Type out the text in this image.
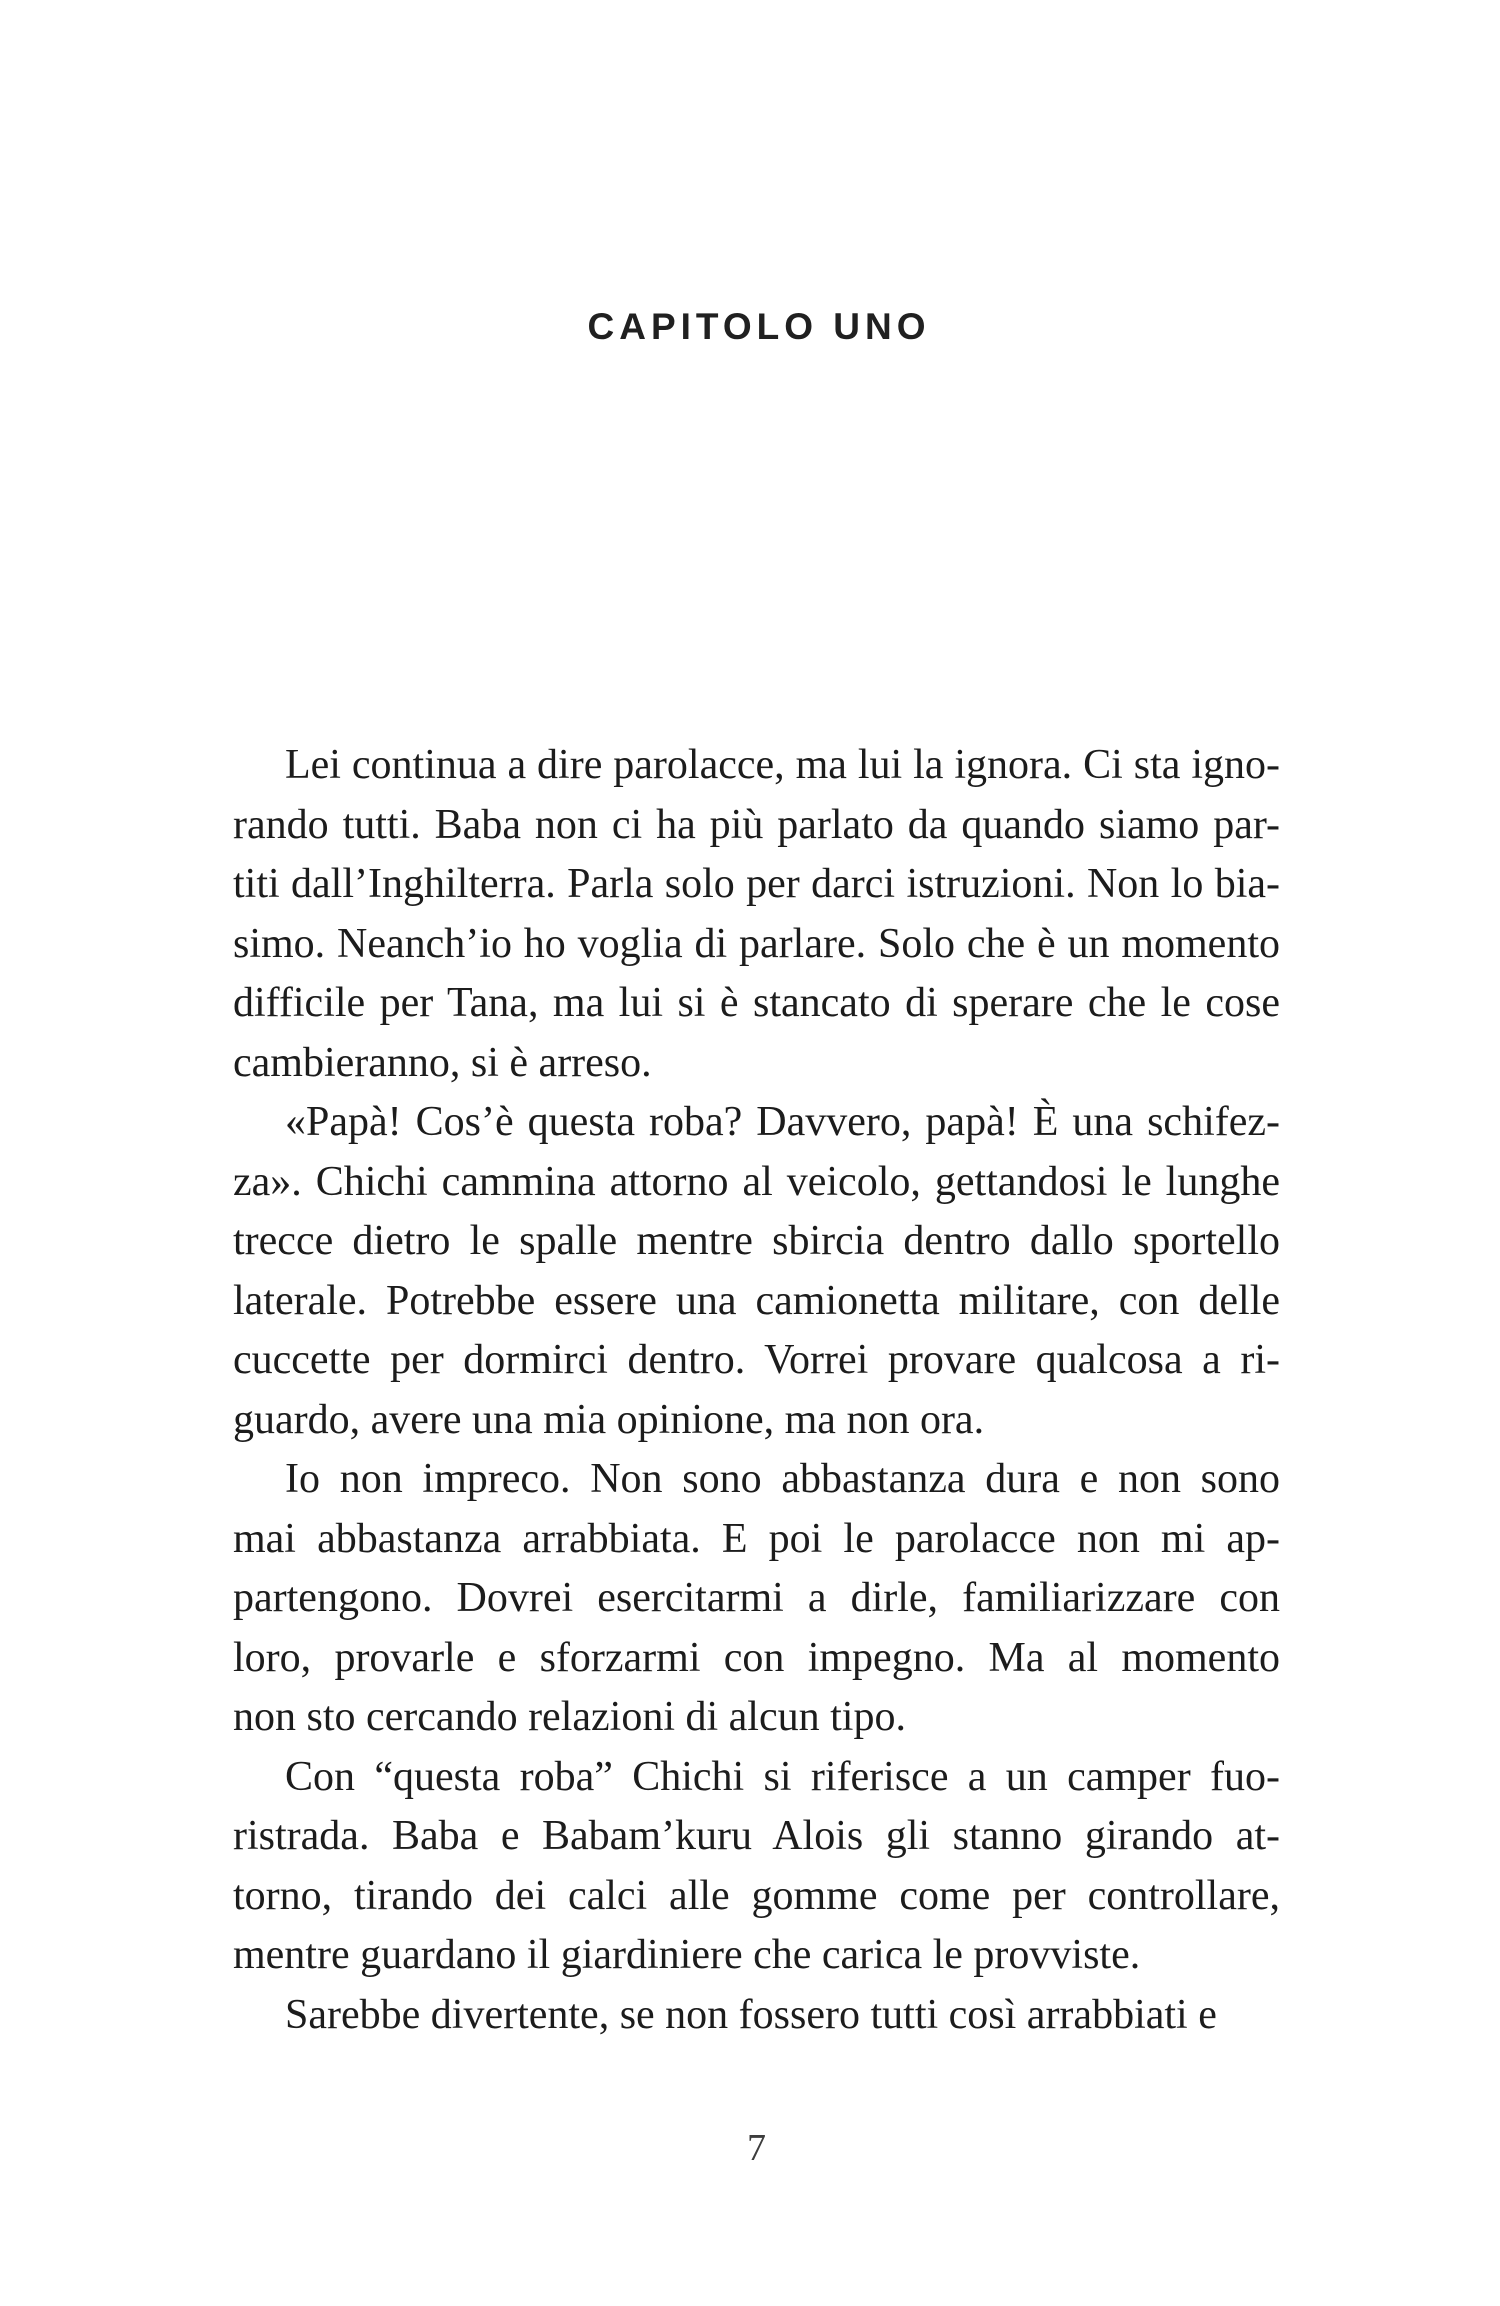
CAPITOLO UNO
Lei continua a dire parolacce, ma lui la ignora. Ci sta igno-
rando tutti. Baba non ci ha più parlato da quando siamo par-
titi dall’Inghilterra. Parla solo per darci istruzioni. Non lo bia-
simo. Neanch’io ho voglia di parlare. Solo che è un momento
difficile per Tana, ma lui si è stancato di sperare che le cose
cambieranno, si è arreso.
«Papà! Cos’è questa roba? Davvero, papà! È una schifez-
za». Chichi cammina attorno al veicolo, gettandosi le lunghe
trecce dietro le spalle mentre sbircia dentro dallo sportello
laterale. Potrebbe essere una camionetta militare, con delle
cuccette per dormirci dentro. Vorrei provare qualcosa a ri-
guardo, avere una mia opinione, ma non ora.
Io non impreco. Non sono abbastanza dura e non sono
mai abbastanza arrabbiata. E poi le parolacce non mi ap-
partengono. Dovrei esercitarmi a dirle, familiarizzare con
loro, provarle e sforzarmi con impegno. Ma al momento
non sto cercando relazioni di alcun tipo.
Con “questa roba” Chichi si riferisce a un camper fuo-
ristrada. Baba e Babam’kuru Alois gli stanno girando at-
torno, tirando dei calci alle gomme come per controllare,
mentre guardano il giardiniere che carica le provviste.
Sarebbe divertente, se non fossero tutti così arrabbiati e
7
